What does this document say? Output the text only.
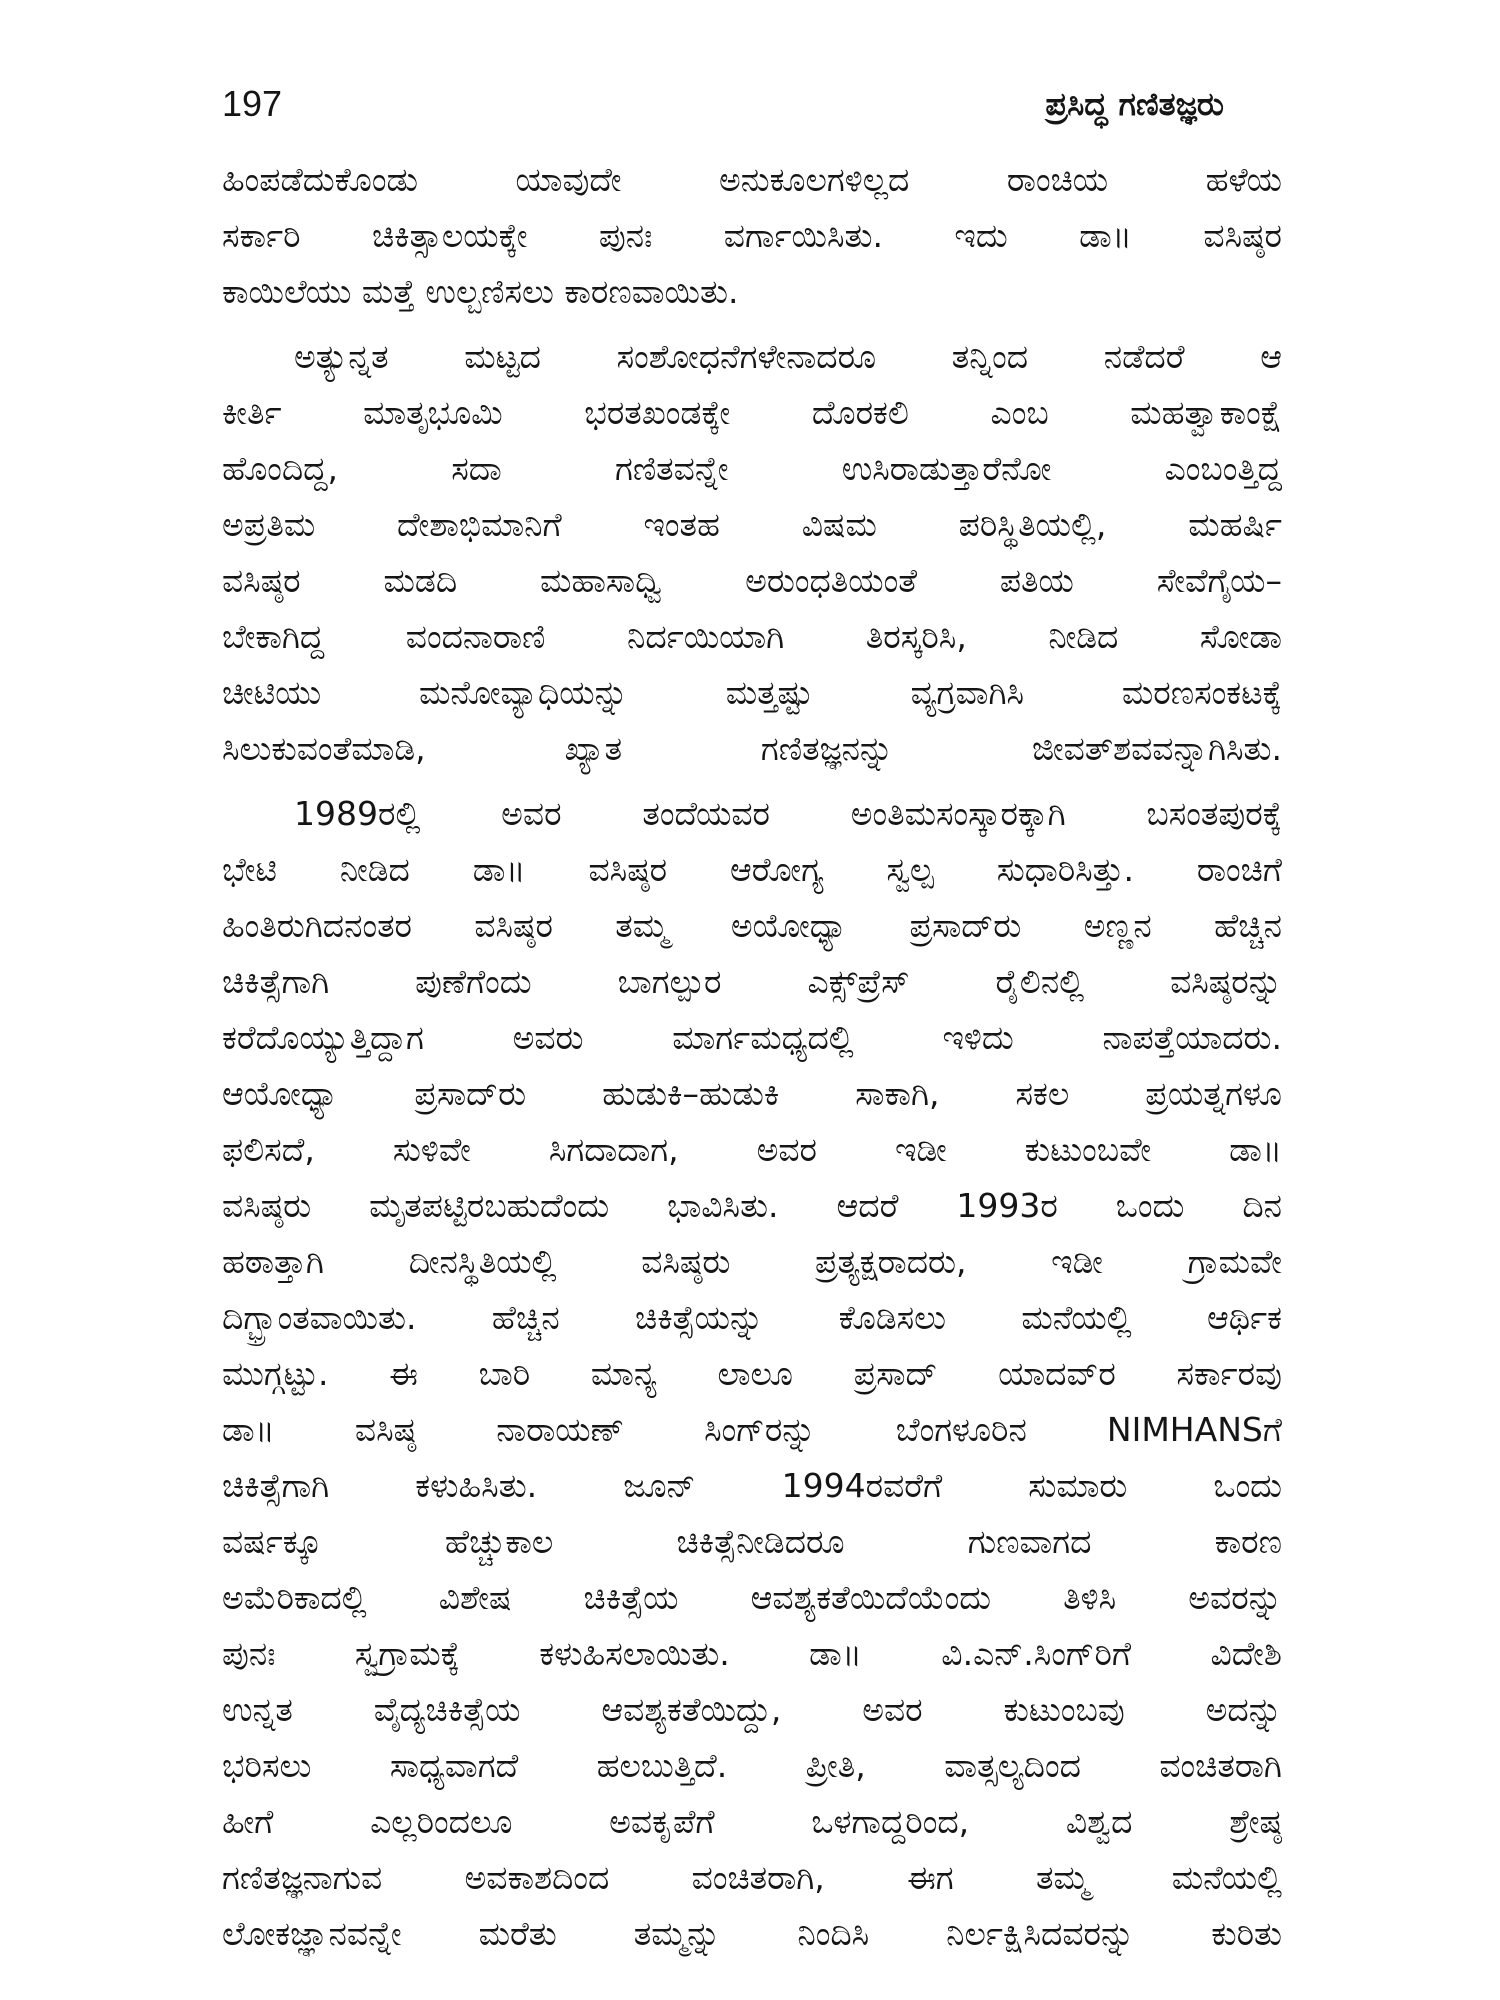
197	ಪ್ರಸಿದ್ಧ ಗಣಿತಜ್ಞರು
ಹಿಂಪಡೆದುಕೊಂಡು ಯಾವುದೇ ಅನುಕೂಲಗಳಿಲ್ಲದ ರಾಂಚಿಯ ಹಳೆಯ
ಸರ್ಕಾರಿ ಚಿಕಿತ್ಸಾಲಯಕ್ಕೇ ಪುನಃ ವರ್ಗಾಯಿಸಿತು. ಇದು ಡಾ॥ ವಸಿಷ್ಠರ
ಕಾಯಿಲೆಯು ಮತ್ತೆ ಉಲ್ಬಣಿಸಲು ಕಾರಣವಾಯಿತು.
ಅತ್ಯುನ್ನತ ಮಟ್ಟದ ಸಂಶೋಧನೆಗಳೇನಾದರೂ ತನ್ನಿಂದ ನಡೆದರೆ ಆ
ಕೀರ್ತಿ ಮಾತೃಭೂಮಿ ಭರತಖಂಡಕ್ಕೇ ದೊರಕಲಿ ಎಂಬ ಮಹತ್ವಾಕಾಂಕ್ಷೆ
ಹೊಂದಿದ್ದ, ಸದಾ ಗಣಿತವನ್ನೇ ಉಸಿರಾಡುತ್ತಾರೆನೋ ಎಂಬಂತ್ತಿದ್ದ
ಅಪ್ರತಿಮ ದೇಶಾಭಿಮಾನಿಗೆ ಇಂತಹ ವಿಷಮ ಪರಿಸ್ಥಿತಿಯಲ್ಲಿ, ಮಹರ್ಷಿ
ವಸಿಷ್ಠರ ಮಡದಿ ಮಹಾಸಾಧ್ವಿ ಅರುಂಧತಿಯಂತೆ ಪತಿಯ ಸೇವೆಗೈಯ–
ಬೇಕಾಗಿದ್ದ ವಂದನಾರಾಣಿ ನಿರ್ದಯಿಯಾಗಿ ತಿರಸ್ಕರಿಸಿ, ನೀಡಿದ ಸೋಡಾ
ಚೀಟಿಯು ಮನೋವ್ಯಾಧಿಯನ್ನು ಮತ್ತಷ್ಟು ವ್ಯಗ್ರವಾಗಿಸಿ ಮರಣಸಂಕಟಕ್ಕೆ
ಸಿಲುಕುವಂತೆಮಾಡಿ, ಖ್ಯಾತ ಗಣಿತಜ್ಞನನ್ನು ಜೀವತ್‌ಶವವನ್ನಾಗಿಸಿತು.
1989ರಲ್ಲಿ ಅವರ ತಂದೆಯವರ ಅಂತಿಮಸಂಸ್ಕಾರಕ್ಕಾಗಿ ಬಸಂತಪುರಕ್ಕೆ
ಭೇಟಿ ನೀಡಿದ ಡಾ॥ ವಸಿಷ್ಠರ ಆರೋಗ್ಯ ಸ್ವಲ್ಪ ಸುಧಾರಿಸಿತ್ತು. ರಾಂಚಿಗೆ
ಹಿಂತಿರುಗಿದನಂತರ ವಸಿಷ್ಠರ ತಮ್ಮ ಅಯೋಧ್ಯಾ ಪ್ರಸಾದ್‌ರು ಅಣ್ಣನ ಹೆಚ್ಚಿನ
ಚಿಕಿತ್ಸೆಗಾಗಿ ಪುಣೆಗೆಂದು ಬಾಗಲ್ಪುರ ಎಕ್ಸ್‌ಪ್ರೆಸ್ ರೈಲಿನಲ್ಲಿ ವಸಿಷ್ಠರನ್ನು
ಕರೆದೊಯ್ಯುತ್ತಿದ್ದಾಗ ಅವರು ಮಾರ್ಗಮಧ್ಯದಲ್ಲಿ ಇಳಿದು ನಾಪತ್ತೆಯಾದರು.
ಆಯೋಧ್ಯಾ ಪ್ರಸಾದ್‌ರು ಹುಡುಕಿ–ಹುಡುಕಿ ಸಾಕಾಗಿ, ಸಕಲ ಪ್ರಯತ್ನಗಳೂ
ಫಲಿಸದೆ, ಸುಳಿವೇ ಸಿಗದಾದಾಗ, ಅವರ ಇಡೀ ಕುಟುಂಬವೇ ಡಾ॥
ವಸಿಷ್ಠರು ಮೃತಪಟ್ಟಿರಬಹುದೆಂದು ಭಾವಿಸಿತು. ಆದರೆ 1993ರ ಒಂದು ದಿನ
ಹಠಾತ್ತಾಗಿ ದೀನಸ್ಥಿತಿಯಲ್ಲಿ ವಸಿಷ್ಠರು ಪ್ರತ್ಯಕ್ಷರಾದರು, ಇಡೀ ಗ್ರಾಮವೇ
ದಿಗ್ಭ್ರಾಂತವಾಯಿತು. ಹೆಚ್ಚಿನ ಚಿಕಿತ್ಸೆಯನ್ನು ಕೊಡಿಸಲು ಮನೆಯಲ್ಲಿ ಆರ್ಥಿಕ
ಮುಗ್ಗಟ್ಟು. ಈ ಬಾರಿ ಮಾನ್ಯ ಲಾಲೂ ಪ್ರಸಾದ್ ಯಾದವ್‌ರ ಸರ್ಕಾರವು
ಡಾ॥ ವಸಿಷ್ಠ ನಾರಾಯಣ್ ಸಿಂಗ್‌ರನ್ನು ಬೆಂಗಳೂರಿನ NIMHANSಗೆ
ಚಿಕಿತ್ಸೆಗಾಗಿ ಕಳುಹಿಸಿತು. ಜೂನ್ 1994ರವರೆಗೆ ಸುಮಾರು ಒಂದು
ವರ್ಷಕ್ಕೂ ಹೆಚ್ಚುಕಾಲ ಚಿಕಿತ್ಸೆನೀಡಿದರೂ ಗುಣವಾಗದ ಕಾರಣ
ಅಮೆರಿಕಾದಲ್ಲಿ ವಿಶೇಷ ಚಿಕಿತ್ಸೆಯ ಆವಶ್ಯಕತೆಯಿದೆಯೆಂದು ತಿಳಿಸಿ ಅವರನ್ನು
ಪುನಃ ಸ್ವಗ್ರಾಮಕ್ಕೆ ಕಳುಹಿಸಲಾಯಿತು. ಡಾ॥ ವಿ.ಎನ್.ಸಿಂಗ್‌ರಿಗೆ ವಿದೇಶಿ
ಉನ್ನತ ವೈದ್ಯಚಿಕಿತ್ಸೆಯ ಆವಶ್ಯಕತೆಯಿದ್ದು, ಅವರ ಕುಟುಂಬವು ಅದನ್ನು
ಭರಿಸಲು ಸಾಧ್ಯವಾಗದೆ ಹಲಬುತ್ತಿದೆ. ಪ್ರೀತಿ, ವಾತ್ಸಲ್ಯದಿಂದ ವಂಚಿತರಾಗಿ
ಹೀಗೆ ಎಲ್ಲರಿಂದಲೂ ಅವಕೃಪೆಗೆ ಒಳಗಾದ್ದರಿಂದ, ವಿಶ್ವದ ಶ್ರೇಷ್ಠ
ಗಣಿತಜ್ಞನಾಗುವ ಅವಕಾಶದಿಂದ ವಂಚಿತರಾಗಿ, ಈಗ ತಮ್ಮ ಮನೆಯಲ್ಲಿ
ಲೋಕಜ್ಞಾನವನ್ನೇ ಮರೆತು ತಮ್ಮನ್ನು ನಿಂದಿಸಿ ನಿರ್ಲಕ್ಷಿಸಿದವರನ್ನು ಕುರಿತು
